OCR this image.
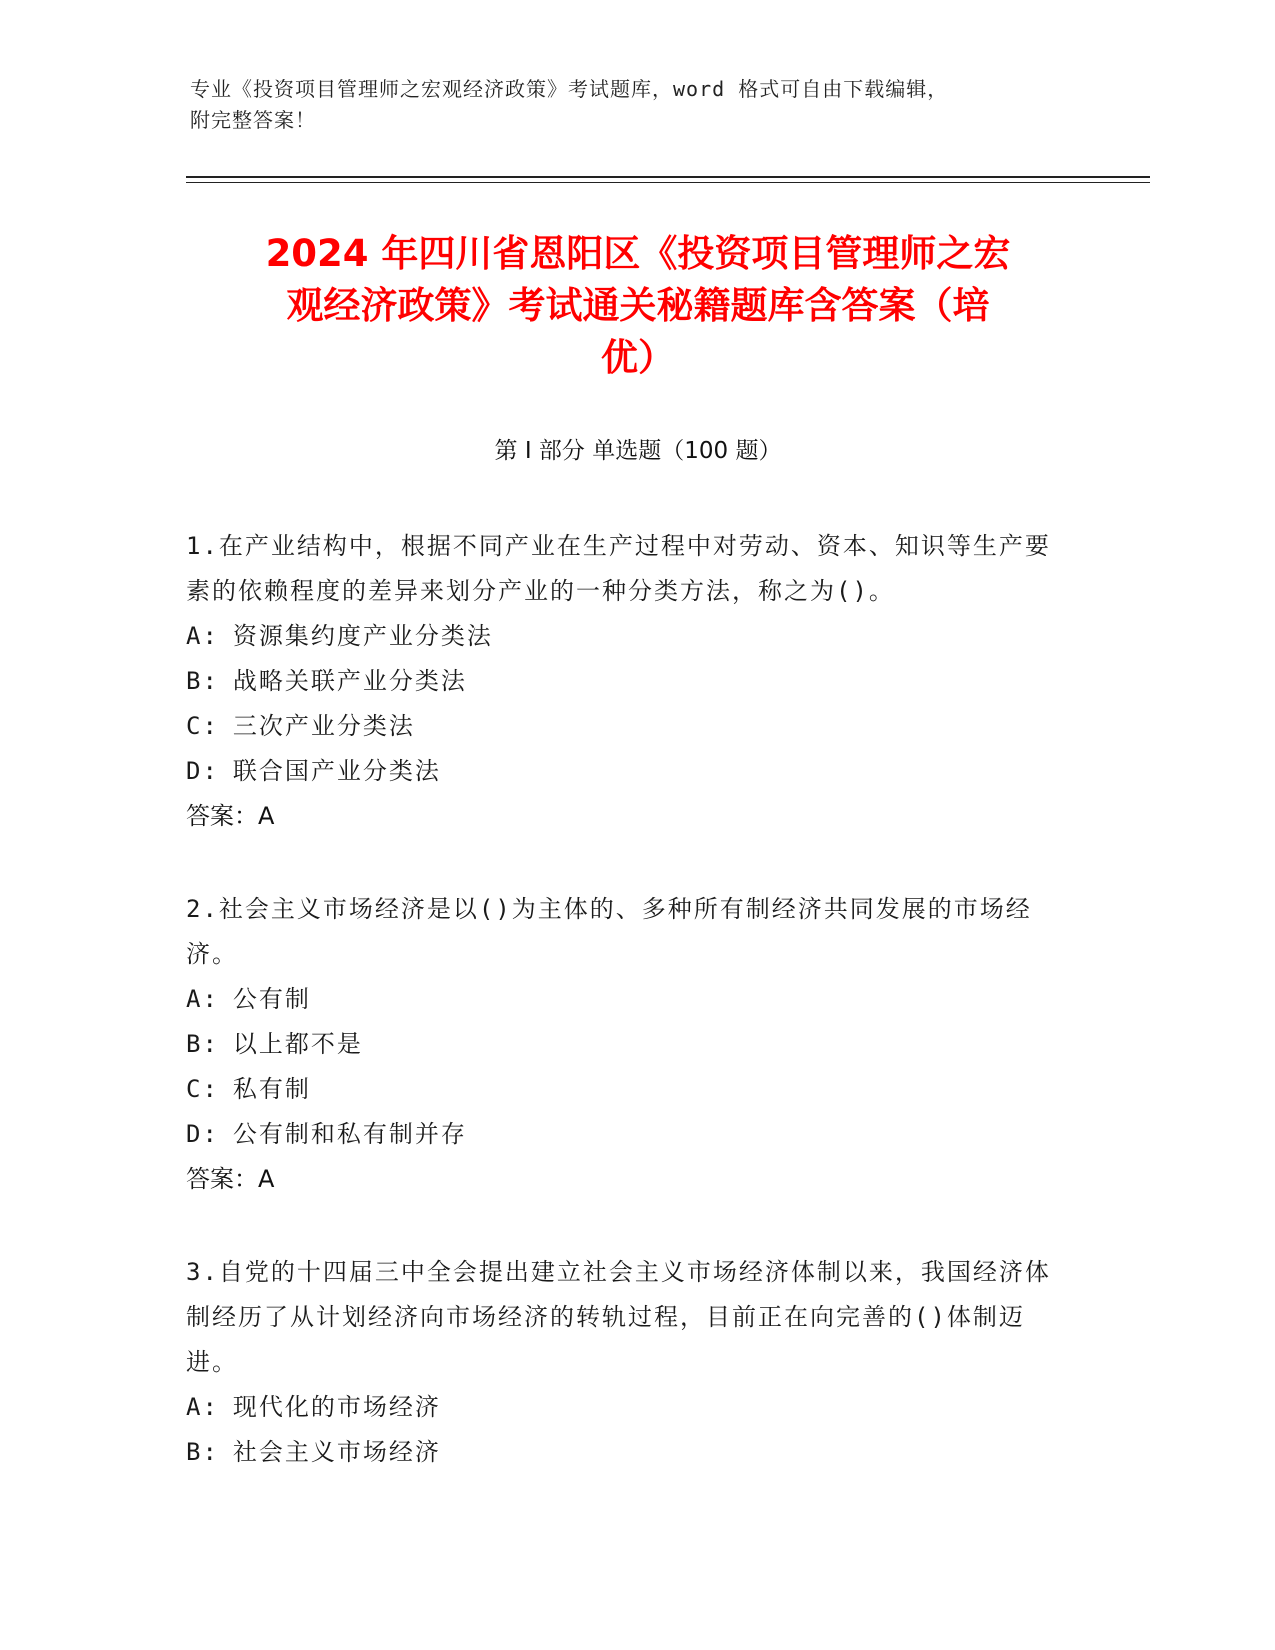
专业《投资项目管理师之宏观经济政策》考试题库，word 格式可自由下载编辑，
附完整答案！
2024 年四川省恩阳区《投资项目管理师之宏
观经济政策》考试通关秘籍题库含答案（培
优）
第 I 部分 单选题（100 题）

1.在产业结构中，根据不同产业在生产过程中对劳动、资本、知识等生产要素的依赖程度的差异来划分产业的一种分类方法，称之为()。

A: 资源集约度产业分类法

B: 战略关联产业分类法

C: 三次产业分类法

D: 联合国产业分类法

答案：A

2.社会主义市场经济是以()为主体的、多种所有制经济共同发展的市场经济。

A: 公有制

B: 以上都不是

C: 私有制

D: 公有制和私有制并存

答案：A

3.自党的十四届三中全会提出建立社会主义市场经济体制以来，我国经济体制经历了从计划经济向市场经济的转轨过程，目前正在向完善的()体制迈进。

A: 现代化的市场经济

B: 社会主义市场经济
